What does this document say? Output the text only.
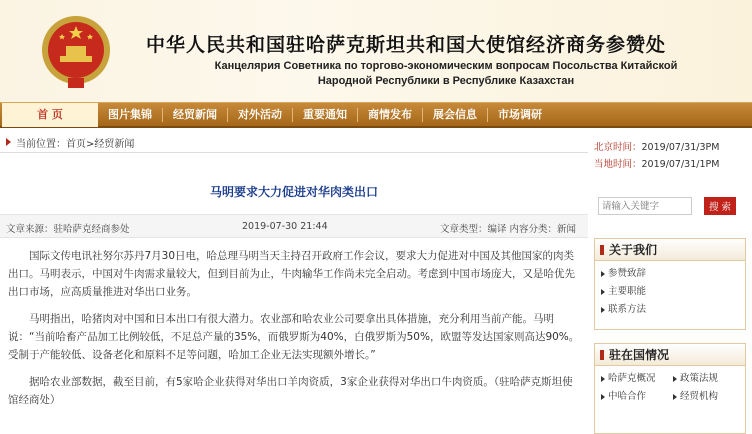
中华人民共和国驻哈萨克斯坦共和国大使馆经济商务参赞处
Канцелярия Советника по торгово-экономическим вопросам Посольства Китайской
Народной Республики в Республике Казахстан
首 页	图片集锦	经贸新闻	对外活动	重要通知	商情发布	展会信息	市场调研
当前位置：首页>经贸新闻
马明要求大力促进对华肉类出口
文章来源：驻哈萨克经商参处	2019-07-30 21:44	文章类型：编译 内容分类：新闻

国际文传电讯社努尔苏丹7月30日电，哈总理马明当天主持召开政府工作会议，要求大力促进对中国及其他国家的肉类出口。马明表示，中国对牛肉需求量较大，但到目前为止，牛肉输华工作尚未完全启动。考虑到中国市场庞大，又是哈优先出口市场，应高质量推进对华出口业务。

马明指出，哈猪肉对中国和日本出口有很大潜力。农业部和哈农业公司要拿出具体措施，充分利用当前产能。马明说：“当前哈畜产品加工比例较低，不足总产量的35%，而俄罗斯为40%，白俄罗斯为50%，欧盟等发达国家则高达90%。受制于产能较低、设备老化和原料不足等问题，哈加工企业无法实现额外增长。”

据哈农业部数据，截至目前，有5家哈企业获得对华出口羊肉资质，3家企业获得对华出口牛肉资质。（驻哈萨克斯坦使馆经商处）

北京时间：2019/07/31/3PM
当地时间：2019/07/31/1PM
请输入关键字
搜 索
关于我们
参赞致辞
主要职能
联系方法
驻在国情况
哈萨克概况	政策法规
中哈合作	经贸机构
